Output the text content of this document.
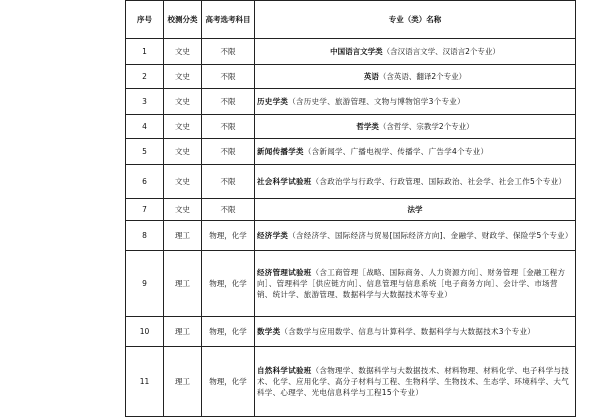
序号	校测分类	高考选考科目	专业（类）名称
1	文史	不限	中国语言文学类（含汉语言文学、汉语言2个专业）
2	文史	不限	英语（含英语、翻译2个专业）
3	文史	不限	历史学类（含历史学、旅游管理、文物与博物馆学3个专业）
4	文史	不限	哲学类（含哲学、宗教学2个专业）
5	文史	不限	新闻传播学类（含新闻学、广播电视学、传播学、广告学4个专业）
6	文史	不限	社会科学试验班（含政治学与行政学、行政管理、国际政治、社会学、社会工作5个专业）
7	文史	不限	法学
8	理工	物理，化学	经济学类（含经济学、国际经济与贸易[国际经济方向]、金融学、财政学、保险学5个专业）
9	理工	物理，化学	经济管理试验班（含工商管理［战略、国际商务、人力资源方向］、财务管理［金融工程方向］、管理科学［供应链方向］、信息管理与信息系统［电子商务方向］、会计学、市场营销、统计学、旅游管理、数据科学与大数据技术等专业）
10	理工	物理，化学	数学类（含数学与应用数学、信息与计算科学、数据科学与大数据技术3个专业）
11	理工	物理，化学	自然科学试验班（含物理学、数据科学与大数据技术、材料物理、材料化学、电子科学与技术、化学、应用化学、高分子材料与工程、生物科学、生物技术、生态学、环境科学、大气科学、心理学、光电信息科学与工程15个专业）
